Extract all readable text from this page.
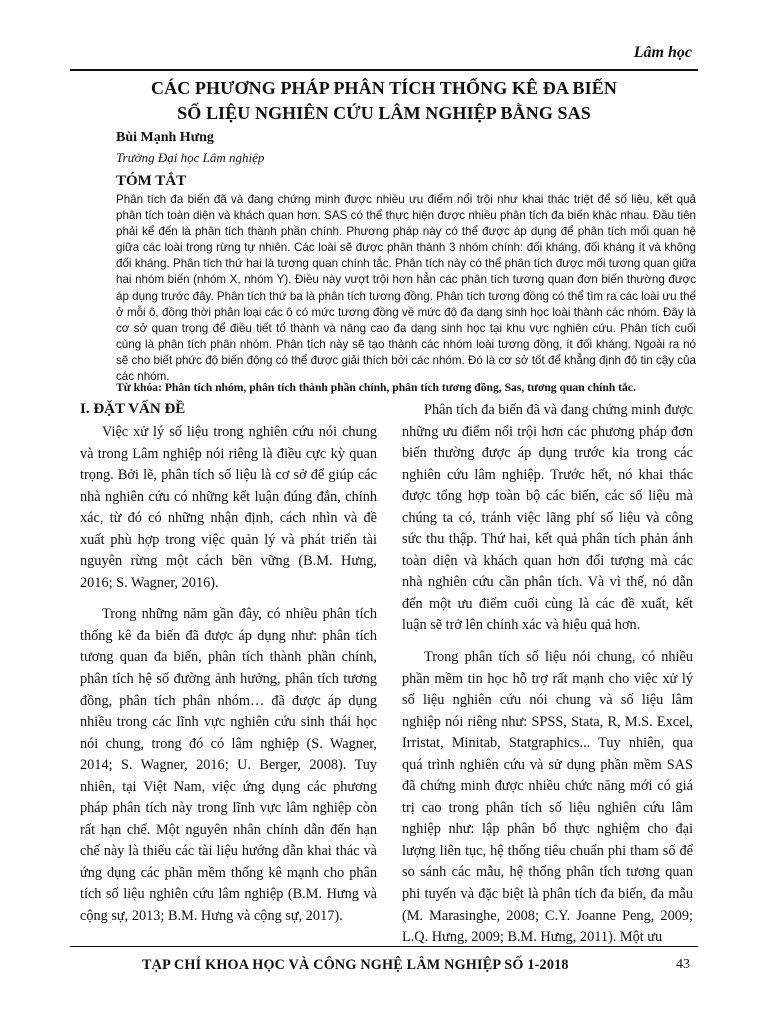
Lâm học
CÁC PHƯƠNG PHÁP PHÂN TÍCH THỐNG KÊ ĐA BIẾN
SỐ LIỆU NGHIÊN CỨU LÂM NGHIỆP BẰNG SAS
Bùi Mạnh Hưng
Trường Đại học Lâm nghiệp
TÓM TẮT

Phân tích đa biến đã và đang chứng minh được nhiều ưu điểm nổi trội như khai thác triệt để số liệu, kết quả phân tích toàn diện và khách quan hơn. SAS có thể thực hiện được nhiều phân tích đa biến khác nhau. Đầu tiên phải kể đến là phân tích thành phần chính. Phương pháp này có thể được áp dụng để phân tích mối quan hệ giữa các loài trong rừng tự nhiên. Các loài sẽ được phân thành 3 nhóm chính: đối kháng, đối kháng ít và không đối kháng. Phân tích thứ hai là tương quan chính tắc. Phân tích này có thể phân tích được mối tương quan giữa hai nhóm biến (nhóm X, nhóm Y). Điều này vượt trội hơn hẳn các phân tích tương quan đơn biến thường được áp dụng trước đây. Phân tích thứ ba là phân tích tương đồng. Phân tích tương đồng có thể tìm ra các loài ưu thế ở mỗi ô, đồng thời phân loại các ô có mức tương đồng về mức độ đa dạng sinh học loài thành các nhóm. Đây là cơ sở quan trọng để điều tiết tổ thành và nâng cao đa dạng sinh học tại khu vực nghiên cứu. Phân tích cuối cùng là phân tích phân nhóm. Phân tích này sẽ tạo thành các nhóm loài tương đồng, ít đối kháng. Ngoài ra nó sẽ cho biết phức độ biến động có thể được giải thích bởi các nhóm. Đó là cơ sở tốt để khẳng định độ tin cậy của các nhóm.

Từ khóa: Phân tích nhóm, phân tích thành phần chính, phân tích tương đồng, Sas, tương quan chính tắc.
I. ĐẶT VẤN ĐỀ

Việc xử lý số liệu trong nghiên cứu nói chung và trong Lâm nghiệp nói riêng là điều cực kỳ quan trọng. Bởi lẽ, phân tích số liệu là cơ sở để giúp các nhà nghiên cứu có những kết luận đúng đắn, chính xác, từ đó có những nhận định, cách nhìn và đề xuất phù hợp trong việc quản lý và phát triển tài nguyên rừng một cách bền vững (B.M. Hưng, 2016; S. Wagner, 2016).

Trong những năm gần đây, có nhiều phân tích thống kê đa biến đã được áp dụng như: phân tích tương quan đa biến, phân tích thành phần chính, phân tích hệ số đường ảnh hưởng, phân tích tương đồng, phân tích phân nhóm… đã được áp dụng nhiều trong các lĩnh vực nghiên cứu sinh thái học nói chung, trong đó có lâm nghiệp (S. Wagner, 2014; S. Wagner, 2016; U. Berger, 2008). Tuy nhiên, tại Việt Nam, việc ứng dụng các phương pháp phân tích này trong lĩnh vực lâm nghiệp còn rất hạn chế. Một nguyên nhân chính dẫn đến hạn chế này là thiếu các tài liệu hướng dẫn khai thác và ứng dụng các phần mềm thống kê mạnh cho phân tích số liệu nghiên cứu lâm nghiệp (B.M. Hưng và cộng sự, 2013; B.M. Hưng và cộng sự, 2017).

Phân tích đa biến đã và đang chứng minh được những ưu điểm nổi trội hơn các phương pháp đơn biến thường được áp dụng trước kia trong các nghiên cứu lâm nghiệp. Trước hết, nó khai thác được tổng hợp toàn bộ các biến, các số liệu mà chúng ta có, tránh việc lãng phí số liệu và công sức thu thập. Thứ hai, kết quả phân tích phản ánh toàn diện và khách quan hơn đối tượng mà các nhà nghiên cứu cần phân tích. Và vì thế, nó dẫn đến một ưu điểm cuối cùng là các đề xuất, kết luận sẽ trở lên chính xác và hiệu quả hơn.

Trong phân tích số liệu nói chung, có nhiều phần mềm tin học hỗ trợ rất mạnh cho việc xử lý số liệu nghiên cứu nói chung và số liệu lâm nghiệp nói riêng như: SPSS, Stata, R, M.S. Excel, Irristat, Minitab, Statgraphics... Tuy nhiên, qua quá trình nghiên cứu và sử dụng phần mềm SAS đã chứng minh được nhiều chức năng mới có giá trị cao trong phân tích số liệu nghiên cứu lâm nghiệp như: lập phân bố thực nghiệm cho đại lượng liên tục, hệ thống tiêu chuẩn phi tham số để so sánh các mẫu, hệ thống phân tích tương quan phi tuyến và đặc biệt là phân tích đa biến, đa mẫu (M. Marasinghe, 2008; C.Y. Joanne Peng, 2009; L.Q. Hưng, 2009; B.M. Hưng, 2011). Một ưu

TẠP CHÍ KHOA HỌC VÀ CÔNG NGHỆ LÂM NGHIỆP SỐ 1-2018	43
